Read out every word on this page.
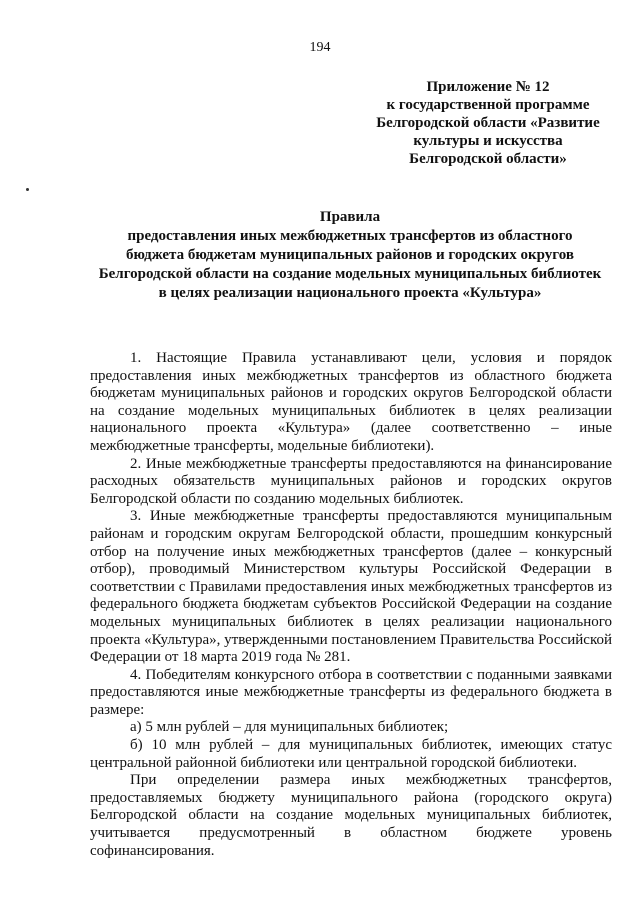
194
Приложение № 12
к государственной программе
Белгородской области «Развитие
культуры и искусства
Белгородской области»
Правила
предоставления иных межбюджетных трансфертов из областного
бюджета бюджетам муниципальных районов и городских округов
Белгородской области на создание модельных муниципальных библиотек
в целях реализации национального проекта «Культура»

1. Настоящие Правила устанавливают цели, условия и порядок предоставления иных межбюджетных трансфертов из областного бюджета бюджетам муниципальных районов и городских округов Белгородской области на создание модельных муниципальных библиотек в целях реализации национального проекта «Культура» (далее соответственно – иные межбюджетные трансферты, модельные библиотеки).

2. Иные межбюджетные трансферты предоставляются на финансирование расходных обязательств муниципальных районов и городских округов Белгородской области по созданию модельных библиотек.

3. Иные межбюджетные трансферты предоставляются муниципальным районам и городским округам Белгородской области, прошедшим конкурсный отбор на получение иных межбюджетных трансфертов (далее – конкурсный отбор), проводимый Министерством культуры Российской Федерации в соответствии с Правилами предоставления иных межбюджетных трансфертов из федерального бюджета бюджетам субъектов Российской Федерации на создание модельных муниципальных библиотек в целях реализации национального проекта «Культура», утвержденными постановлением Правительства Российской Федерации от 18 марта 2019 года № 281.

4. Победителям конкурсного отбора в соответствии с поданными заявками предоставляются иные межбюджетные трансферты из федерального бюджета в размере:

а) 5 млн рублей – для муниципальных библиотек;

б) 10 млн рублей – для муниципальных библиотек, имеющих статус центральной районной библиотеки или центральной городской библиотеки.

При определении размера иных межбюджетных трансфертов, предоставляемых бюджету муниципального района (городского округа) Белгородской области на создание модельных муниципальных библиотек, учитывается предусмотренный в областном бюджете уровень софинансирования.
